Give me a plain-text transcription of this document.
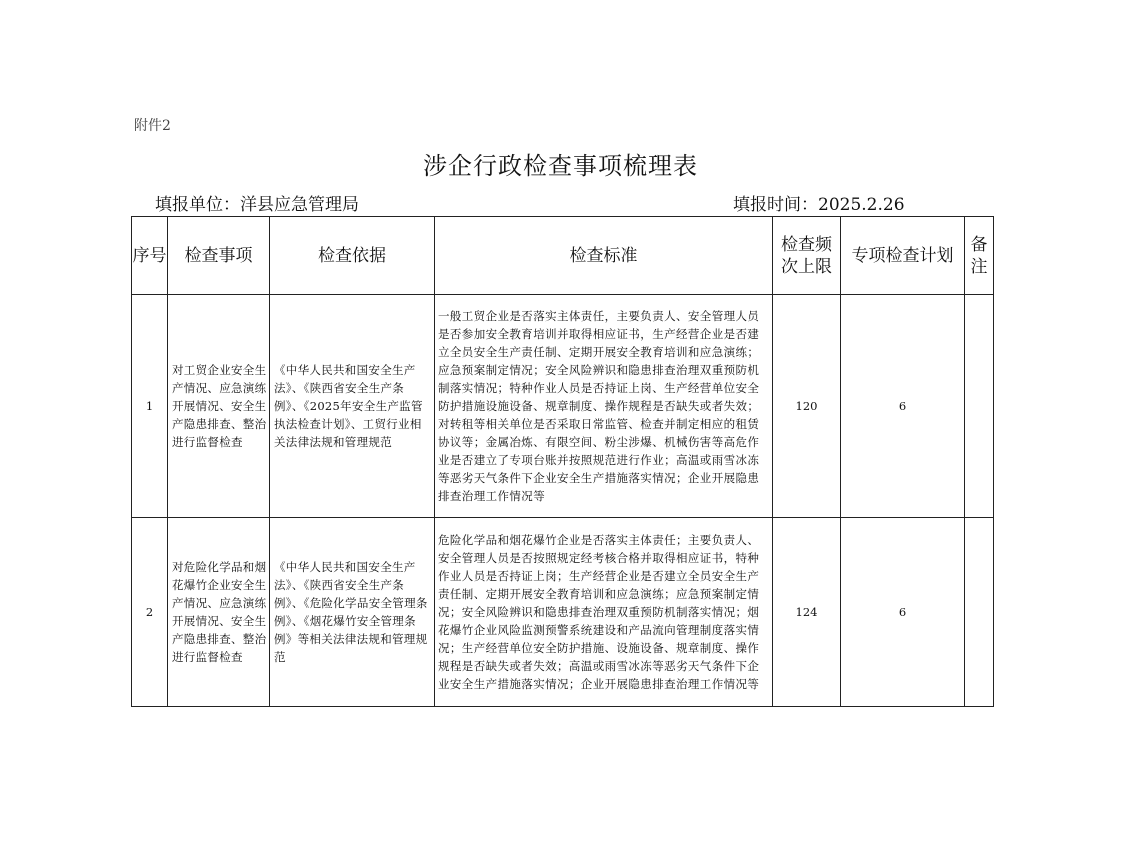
附件2
涉企行政检查事项梳理表
填报单位：洋县应急管理局	填报时间：2025.2.26
序号	检查事项	检查依据	检查标准	检查频次上限	专项检查计划	备注
1	对工贸企业安全生产情况、应急演练开展情况、安全生产隐患排查、整治进行监督检查	《中华人民共和国安全生产法》、《陕西省安全生产条例》、《2025年安全生产监管执法检查计划》、工贸行业相关法律法规和管理规范	一般工贸企业是否落实主体责任，主要负责人、安全管理人员是否参加安全教育培训并取得相应证书，生产经营企业是否建立全员安全生产责任制、定期开展安全教育培训和应急演练；应急预案制定情况；安全风险辨识和隐患排查治理双重预防机制落实情况；特种作业人员是否持证上岗、生产经营单位安全防护措施设施设备、规章制度、操作规程是否缺失或者失效；对转租等相关单位是否采取日常监管、检查并制定相应的租赁协议等；金属冶炼、有限空间、粉尘涉爆、机械伤害等高危作业是否建立了专项台账并按照规范进行作业；高温或雨雪冰冻等恶劣天气条件下企业安全生产措施落实情况；企业开展隐患排查治理工作情况等	120	6	
2	对危险化学品和烟花爆竹企业安全生产情况、应急演练开展情况、安全生产隐患排查、整治进行监督检查	《中华人民共和国安全生产法》、《陕西省安全生产条例》、《危险化学品安全管理条例》、《烟花爆竹安全管理条例》等相关法律法规和管理规范	危险化学品和烟花爆竹企业是否落实主体责任；主要负责人、安全管理人员是否按照规定经考核合格并取得相应证书，特种作业人员是否持证上岗；生产经营企业是否建立全员安全生产责任制、定期开展安全教育培训和应急演练；应急预案制定情况；安全风险辨识和隐患排查治理双重预防机制落实情况；烟花爆竹企业风险监测预警系统建设和产品流向管理制度落实情况；生产经营单位安全防护措施、设施设备、规章制度、操作规程是否缺失或者失效；高温或雨雪冰冻等恶劣天气条件下企业安全生产措施落实情况；企业开展隐患排查治理工作情况等	124	6	
